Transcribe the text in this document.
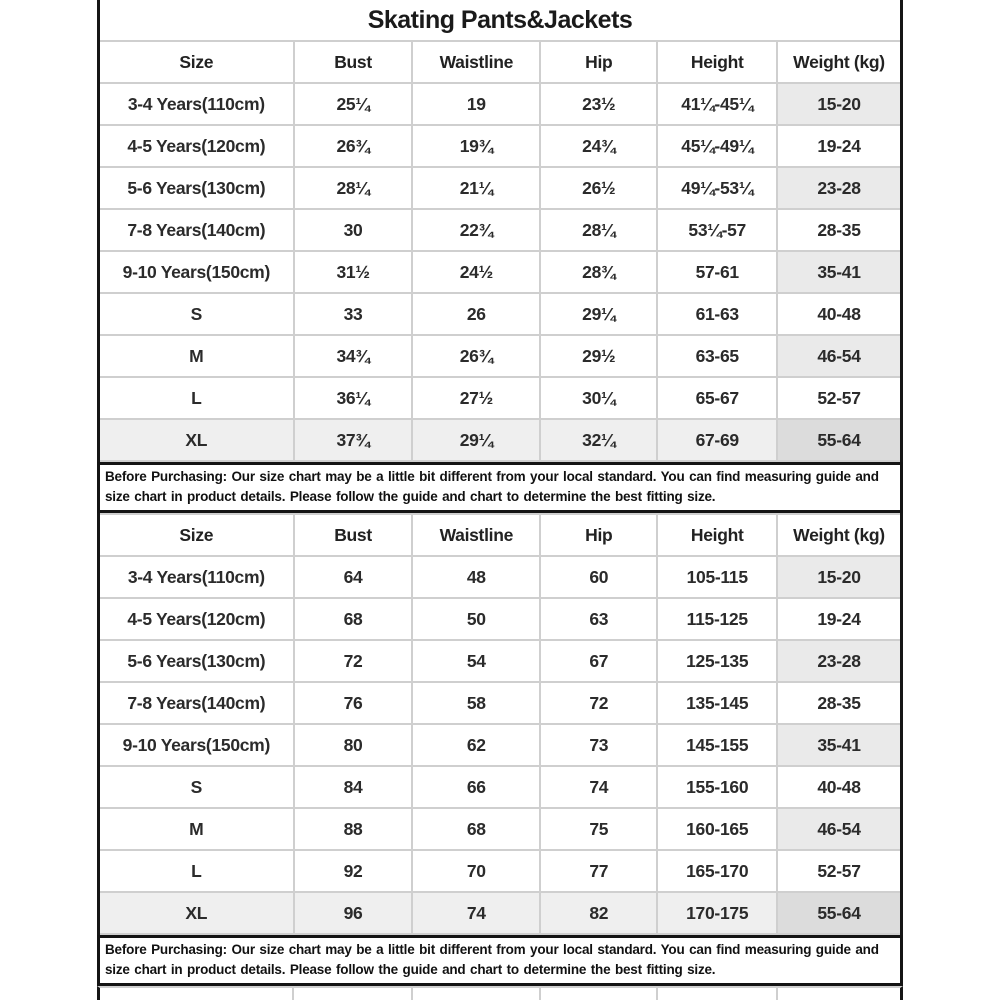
Skating Pants&Jackets
Size	Bust	Waistline	Hip	Height	Weight (kg)
3-4 Years(110cm)	25¼	19	23½	41¼-45¼	15-20
4-5 Years(120cm)	26¾	19¾	24¾	45¼-49¼	19-24
5-6 Years(130cm)	28¼	21¼	26½	49¼-53¼	23-28
7-8 Years(140cm)	30	22¾	28¼	53¼-57	28-35
9-10 Years(150cm)	31½	24½	28¾	57-61	35-41
S	33	26	29¼	61-63	40-48
M	34¾	26¾	29½	63-65	46-54
L	36¼	27½	30¼	65-67	52-57
XL	37¾	29¼	32¼	67-69	55-64
Before Purchasing: Our size chart may be a little bit different from your local standard. You can find measuring guide and size chart in product details. Please follow the guide and chart to determine the best fitting size.
Size	Bust	Waistline	Hip	Height	Weight (kg)
3-4 Years(110cm)	64	48	60	105-115	15-20
4-5 Years(120cm)	68	50	63	115-125	19-24
5-6 Years(130cm)	72	54	67	125-135	23-28
7-8 Years(140cm)	76	58	72	135-145	28-35
9-10 Years(150cm)	80	62	73	145-155	35-41
S	84	66	74	155-160	40-48
M	88	68	75	160-165	46-54
L	92	70	77	165-170	52-57
XL	96	74	82	170-175	55-64
Before Purchasing: Our size chart may be a little bit different from your local standard. You can find measuring guide and size chart in product details. Please follow the guide and chart to determine the best fitting size.
